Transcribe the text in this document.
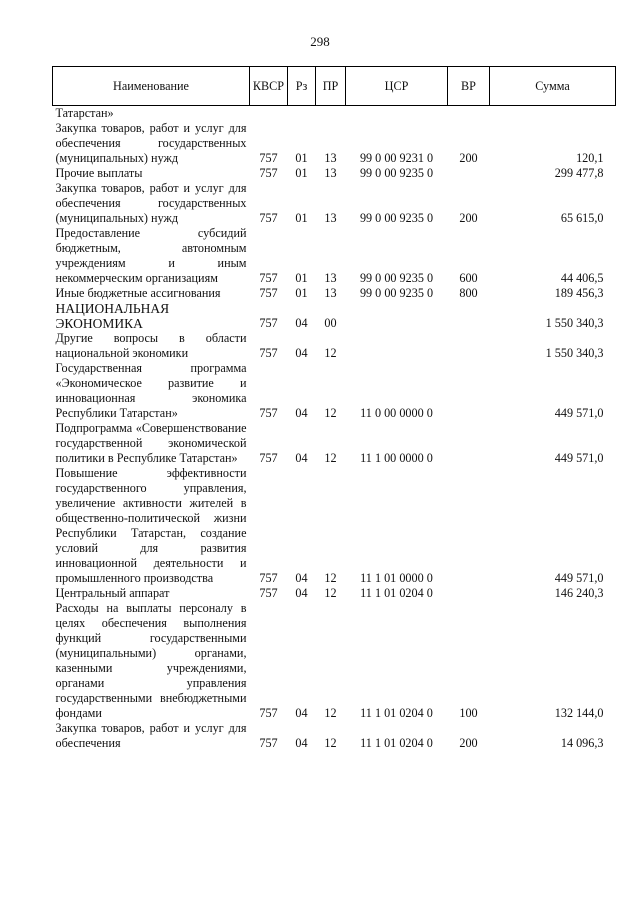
298
Наименование	КВСР	Рз	ПР	ЦСР	ВР	Сумма
Татарстан»						
Закупка товаров, работ и услуг для обеспечения государственных (муниципальных) нужд	757	01	13	99 0 00 9231 0	200	120,1
Прочие выплаты	757	01	13	99 0 00 9235 0		299 477,8
Закупка товаров, работ и услуг для обеспечения государственных (муниципальных) нужд	757	01	13	99 0 00 9235 0	200	65 615,0
Предоставление субсидий бюджетным, автономным учреждениям и иным некоммерческим организациям	757	01	13	99 0 00 9235 0	600	44 406,5
Иные бюджетные ассигнования	757	01	13	99 0 00 9235 0	800	189 456,3
НАЦИОНАЛЬНАЯ ЭКОНОМИКА	757	04	00			1 550 340,3
Другие вопросы в области национальной экономики	757	04	12			1 550 340,3
Государственная программа «Экономическое развитие и инновационная экономика Республики Татарстан»	757	04	12	11 0 00 0000 0		449 571,0
Подпрограмма «Совершенствование государственной экономической политики в Республике Татарстан»	757	04	12	11 1 00 0000 0		449 571,0
Повышение эффективности государственного управления, увеличение активности жителей в общественно-политической жизни Республики Татарстан, создание условий для развития инновационной деятельности и промышленного производства	757	04	12	11 1 01 0000 0		449 571,0
Центральный аппарат	757	04	12	11 1 01 0204 0		146 240,3
Расходы на выплаты персоналу в целях обеспечения выполнения функций государственными (муниципальными) органами, казенными учреждениями, органами управления государственными внебюджетными фондами	757	04	12	11 1 01 0204 0	100	132 144,0
Закупка товаров, работ и услуг для обеспечения	757	04	12	11 1 01 0204 0	200	14 096,3
